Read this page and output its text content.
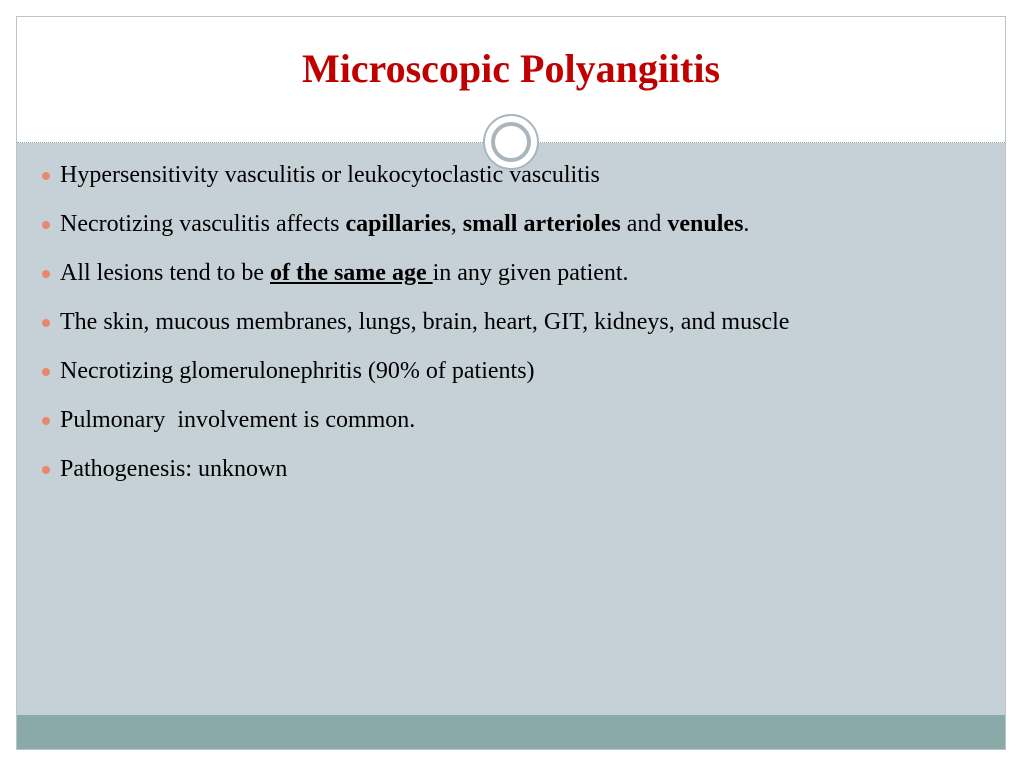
Microscopic Polyangiitis
Hypersensitivity vasculitis or leukocytoclastic vasculitis
Necrotizing vasculitis affects capillaries, small arterioles and venules.
All lesions tend to be of the same age in any given patient.
The skin, mucous membranes, lungs, brain, heart, GIT, kidneys, and muscle
Necrotizing glomerulonephritis (90% of patients)
Pulmonary  involvement is common.
Pathogenesis: unknown
